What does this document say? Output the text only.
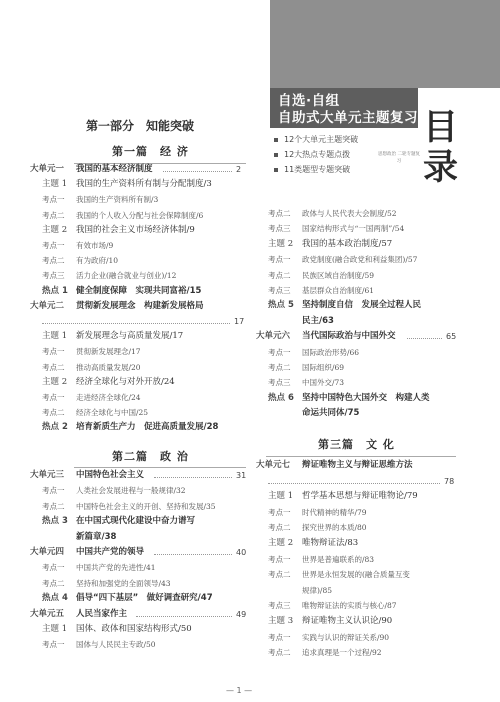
自选·自组
自助式大单元主题复习 目
录
12个大单元主题突破
12大热点专题点拨
11类题型专题突破
思想政治 二轮专题复习
第一部分　知能突破
第一篇　经 济
第二篇　政 治
第三篇　文 化
大单元一 我国的基本经济制度	2
主题 1 我国的生产资料所有制与分配制度/3
考点一 我国的生产资料所有制/3
考点二 我国的个人收入分配与社会保障制度/6
主题 2 我国的社会主义市场经济体制/9
考点一 有效市场/9
考点二 有为政府/10
考点三 活力企业(融合就业与创业)/12
热点 1 健全制度保障　实现共同富裕/15
大单元二 贯彻新发展理念　构建新发展格局
17
主题 1 新发展理念与高质量发展/17
考点一 贯彻新发展理念/17
考点二 推动高质量发展/20
主题 2 经济全球化与对外开放/24
考点一 走进经济全球化/24
考点二 经济全球化与中国/25
热点 2 培育新质生产力　促进高质量发展/28
大单元三 中国特色社会主义	31
考点一 人类社会发展进程与一般规律/32
考点二 中国特色社会主义的开创、坚持和发展/35
热点 3 在中国式现代化建设中奋力谱写
新篇章/38
大单元四 中国共产党的领导	40
考点一 中国共产党的先进性/41
考点二 坚持和加强党的全面领导/43
热点 4 倡导“四下基层”　做好调查研究/47
大单元五 人民当家作主	49
主题 1 国体、政体和国家结构形式/50
考点一 国体与人民民主专政/50
考点二 政体与人民代表大会制度/52
考点三 国家结构形式与“一国两制”/54
主题 2 我国的基本政治制度/57
考点一 政党制度(融合政党和利益集团)/57
考点二 民族区域自治制度/59
考点三 基层群众自治制度/61
热点 5 坚持制度自信　发展全过程人民
民主/63
大单元六 当代国际政治与中国外交	65
考点一 国际政治形势/66
考点二 国际组织/69
考点三 中国外交/73
热点 6 坚持中国特色大国外交　构建人类
命运共同体/75
大单元七 辩证唯物主义与辩证思维方法
78
主题 1 哲学基本思想与辩证唯物论/79
考点一 时代精神的精华/79
考点二 探究世界的本质/80
主题 2 唯物辩证法/83
考点一 世界是普遍联系的/83
考点二 世界是永恒发展的(融合质量互变
规律)/85
考点三 唯物辩证法的实质与核心/87
主题 3 辩证唯物主义认识论/90
考点一 实践与认识的辩证关系/90
考点二 追求真理是一个过程/92
— 1 —
